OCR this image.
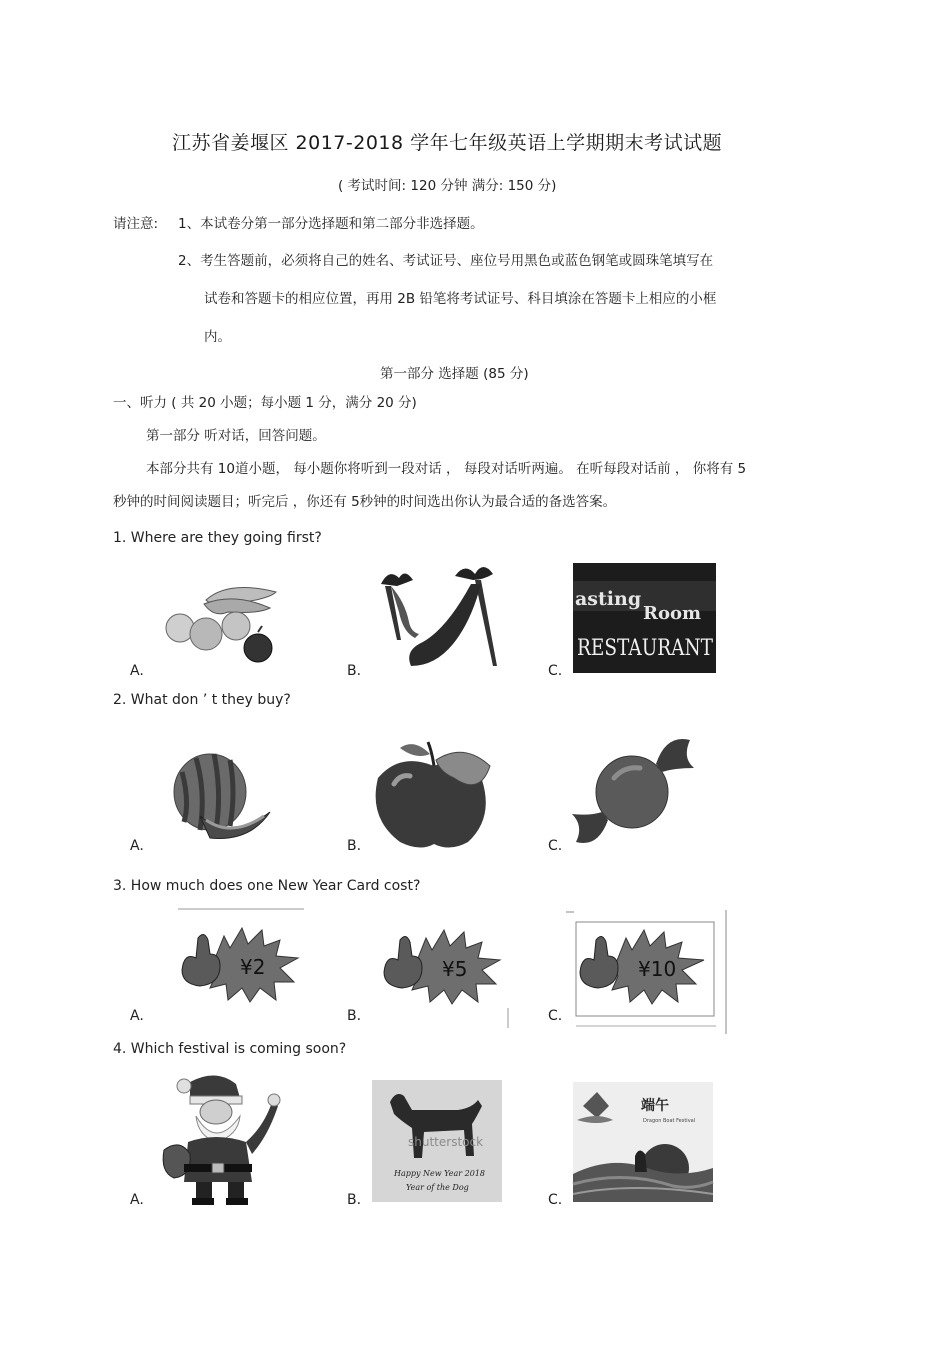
江苏省姜堰区 2017-2018 学年七年级英语上学期期末考试试题
( 考试时间: 120 分钟 满分: 150 分)
请注意: 1、本试卷分第一部分选择题和第二部分非选择题。
2、考生答题前，必须将自己的姓名、考试证号、座位号用黑色或蓝色钢笔或圆珠笔填写在
试卷和答题卡的相应位置，再用 2B 铅笔将考试证号、科目填涂在答题卡上相应的小框
内。
第一部分 选择题 (85 分)
一、听力 ( 共 20 小题；每小题 1 分，满分 20 分)
第一部分 听对话，回答问题。
本部分共有 10道小题， 每小题你将听到一段对话 ， 每段对话听两遍。 在听每段对话前 ， 你将有 5
秒钟的时间阅读题目；听完后 ，你还有 5秒钟的时间选出你认为最合适的备选答案。
1. Where are they going first?
A.	B.	C.
asting
Room
RESTAURANT
2. What don ’ t they buy?
A.	B.	C.
3. How much does one New Year Card cost?
A.
¥2
B.
¥5
C.
¥10
4. Which festival is coming soon?
A.	B.
shutterstock
Happy New Year 2018
Year of the Dog
C.
端午
Dragon Boat Festival
